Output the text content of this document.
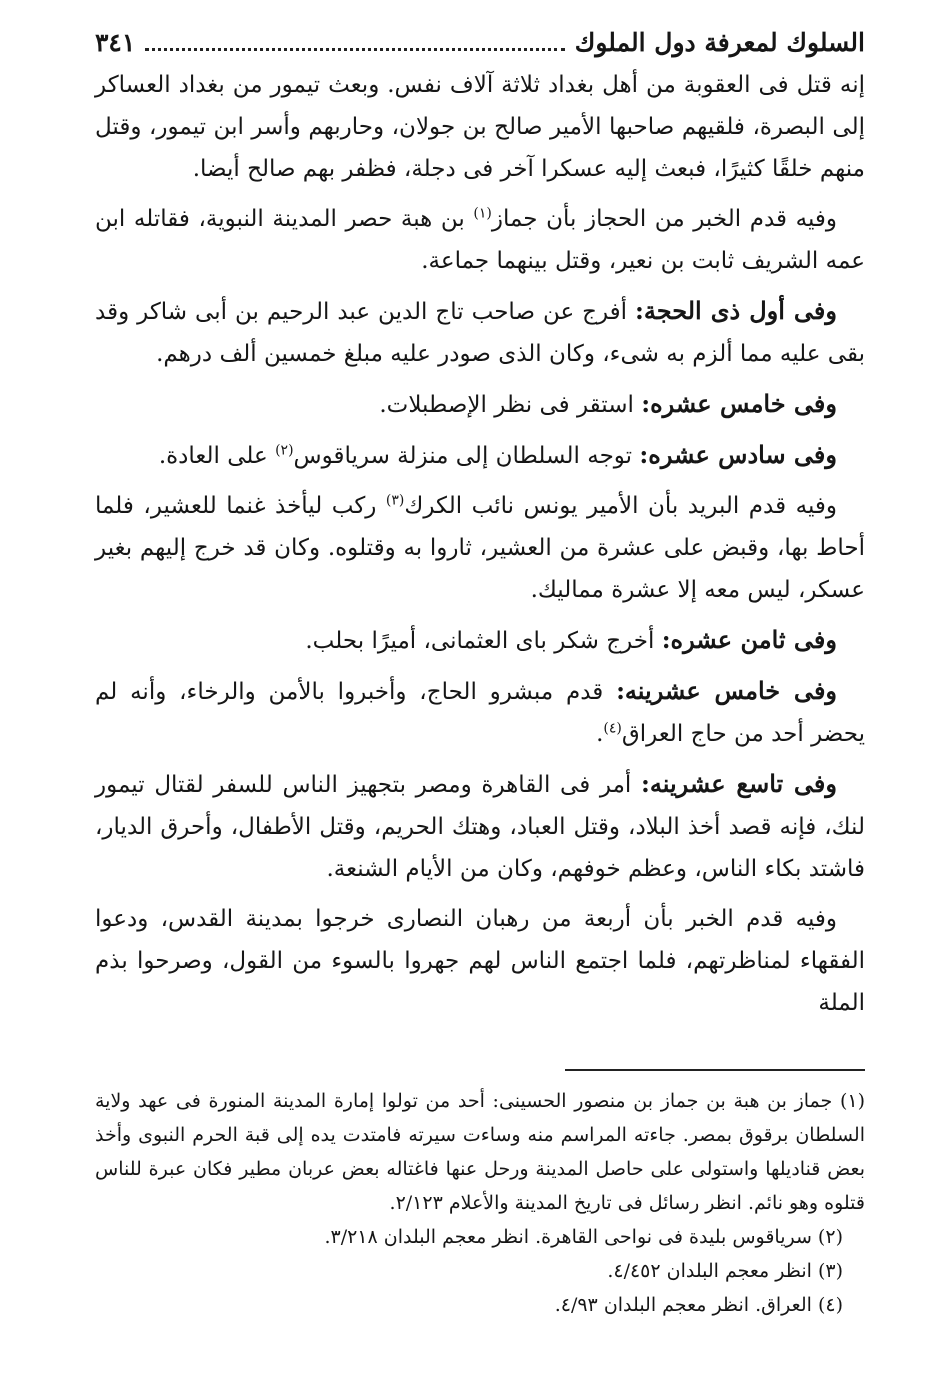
السلوك لمعرفة دول الملوك
٣٤١

إنه قتل فى العقوبة من أهل بغداد ثلاثة آلاف نفس. وبعث تيمور من بغداد العساكر إلى البصرة، فلقيهم صاحبها الأمير صالح بن جولان، وحاربهم وأسر ابن تيمور، وقتل منهم خلقًا كثيرًا، فبعث إليه عسكرا آخر فى دجلة، فظفر بهم صالح أيضا.

وفيه قدم الخبر من الحجاز بأن جماز$^{(١)}$ بن هبة حصر المدينة النبوية، فقاتله ابن عمه الشريف ثابت بن نعير، وقتل بينهما جماعة.

وفى أول ذى الحجة: أفرج عن صاحب تاج الدين عبد الرحيم بن أبى شاكر وقد بقى عليه مما ألزم به شىء، وكان الذى صودر عليه مبلغ خمسين ألف درهم.

وفى خامس عشره: استقر فى نظر الإصطبلات.

وفى سادس عشره: توجه السلطان إلى منزلة سرياقوس$^{(٢)}$ على العادة.

وفيه قدم البريد بأن الأمير يونس نائب الكرك$^{(٣)}$ ركب ليأخذ غنما للعشير، فلما أحاط بها، وقبض على عشرة من العشير، ثاروا به وقتلوه. وكان قد خرج إليهم بغير عسكر، ليس معه إلا عشرة مماليك.

وفى ثامن عشره: أخرج شكر باى العثمانى، أميرًا بحلب.

وفى خامس عشرينه: قدم مبشرو الحاج، وأخبروا بالأمن والرخاء، وأنه لم يحضر أحد من حاج العراق$^{(٤)}$.

وفى تاسع عشرينه: أمر فى القاهرة ومصر بتجهيز الناس للسفر لقتال تيمور لنك، فإنه قصد أخذ البلاد، وقتل العباد، وهتك الحريم، وقتل الأطفال، وأحرق الديار، فاشتد بكاء الناس، وعظم خوفهم، وكان من الأيام الشنعة.

وفيه قدم الخبر بأن أربعة من رهبان النصارى خرجوا بمدينة القدس، ودعوا الفقهاء لمناظرتهم، فلما اجتمع الناس لهم جهروا بالسوء من القول، وصرحوا بذم الملة

(١) جماز بن هبة بن جماز بن منصور الحسينى: أحد من تولوا إمارة المدينة المنورة فى عهد ولاية السلطان برقوق بمصر. جاءته المراسم منه وساءت سيرته فامتدت يده إلى قبة الحرم النبوى وأخذ بعض قناديلها واستولى على حاصل المدينة ورحل عنها فاغتاله بعض عربان مطير فكان عبرة للناس قتلوه وهو نائم. انظر رسائل فى تاريخ المدينة والأعلام ٢/١٢٣.

(٢) سرياقوس بليدة فى نواحى القاهرة. انظر معجم البلدان ٣/٢١٨.

(٣) انظر معجم البلدان ٤/٤٥٢.

(٤) العراق. انظر معجم البلدان ٤/٩٣.
